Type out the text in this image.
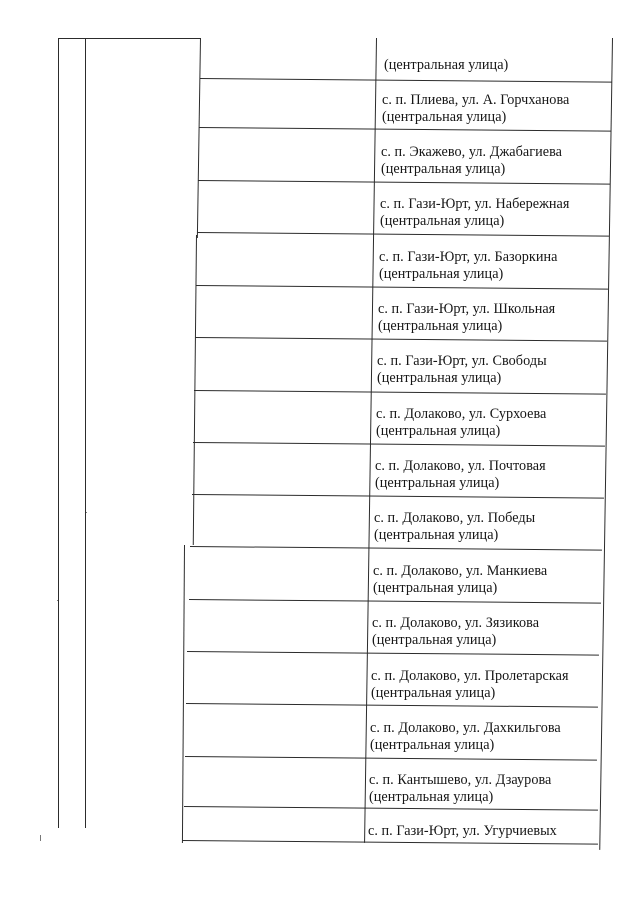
(центральная улица)
с. п. Плиева, ул. А. Горчханова
(центральная улица)
с. п. Экажево, ул. Джабагиева
(центральная улица)
с. п. Гази-Юрт, ул. Набережная
(центральная улица)
с. п. Гази-Юрт, ул. Базоркина
(центральная улица)
с. п. Гази-Юрт, ул. Школьная
(центральная улица)
с. п. Гази-Юрт, ул. Свободы
(центральная улица)
с. п. Долаково, ул. Сурхоева
(центральная улица)
с. п. Долаково, ул. Почтовая
(центральная улица)
с. п. Долаково, ул. Победы
(центральная улица)
с. п. Долаково, ул. Манкиева
(центральная улица)
с. п. Долаково, ул. Зязикова
(центральная улица)
с. п. Долаково, ул. Пролетарская
(центральная улица)
с. п. Долаково, ул. Дахкильгова
(центральная улица)
с. п. Кантышево, ул. Дзаурова
(центральная улица)
с. п. Гази-Юрт, ул. Угурчиевых
